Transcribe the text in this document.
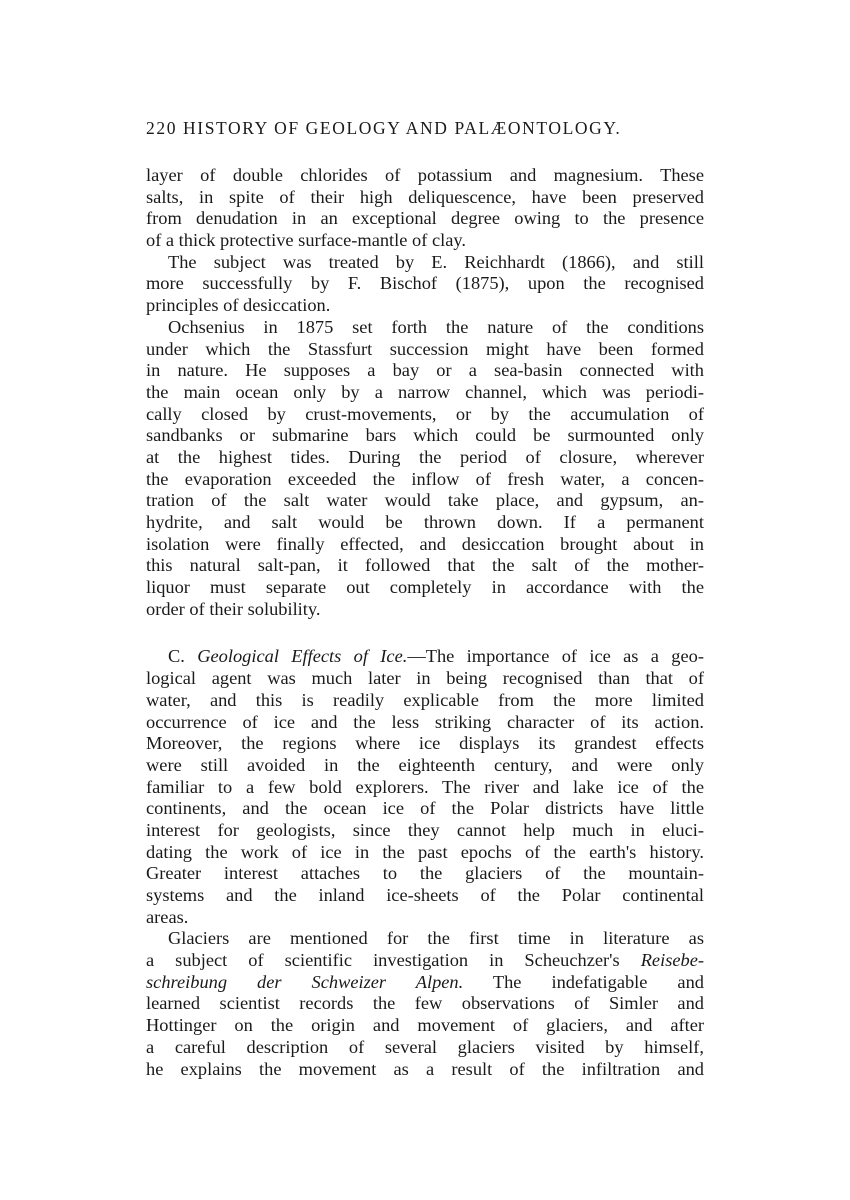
220 HISTORY OF GEOLOGY AND PALÆONTOLOGY.
layer of double chlorides of potassium and magnesium. These
salts, in spite of their high deliquescence, have been preserved
from denudation in an exceptional degree owing to the presence
of a thick protective surface-mantle of clay.
The subject was treated by E. Reichhardt (1866), and still
more successfully by F. Bischof (1875), upon the recognised
principles of desiccation.
Ochsenius in 1875 set forth the nature of the conditions
under which the Stassfurt succession might have been formed
in nature. He supposes a bay or a sea-basin connected with
the main ocean only by a narrow channel, which was periodi-
cally closed by crust-movements, or by the accumulation of
sandbanks or submarine bars which could be surmounted only
at the highest tides. During the period of closure, wherever
the evaporation exceeded the inflow of fresh water, a concen-
tration of the salt water would take place, and gypsum, an-
hydrite, and salt would be thrown down. If a permanent
isolation were finally effected, and desiccation brought about in
this natural salt-pan, it followed that the salt of the mother-
liquor must separate out completely in accordance with the
order of their solubility.
C. Geological Effects of Ice.—The importance of ice as a geo-
logical agent was much later in being recognised than that of
water, and this is readily explicable from the more limited
occurrence of ice and the less striking character of its action.
Moreover, the regions where ice displays its grandest effects
were still avoided in the eighteenth century, and were only
familiar to a few bold explorers. The river and lake ice of the
continents, and the ocean ice of the Polar districts have little
interest for geologists, since they cannot help much in eluci-
dating the work of ice in the past epochs of the earth's history.
Greater interest attaches to the glaciers of the mountain-
systems and the inland ice-sheets of the Polar continental
areas.
Glaciers are mentioned for the first time in literature as
a subject of scientific investigation in Scheuchzer's Reisebe-
schreibung der Schweizer Alpen. The indefatigable and
learned scientist records the few observations of Simler and
Hottinger on the origin and movement of glaciers, and after
a careful description of several glaciers visited by himself,
he explains the movement as a result of the infiltration and
